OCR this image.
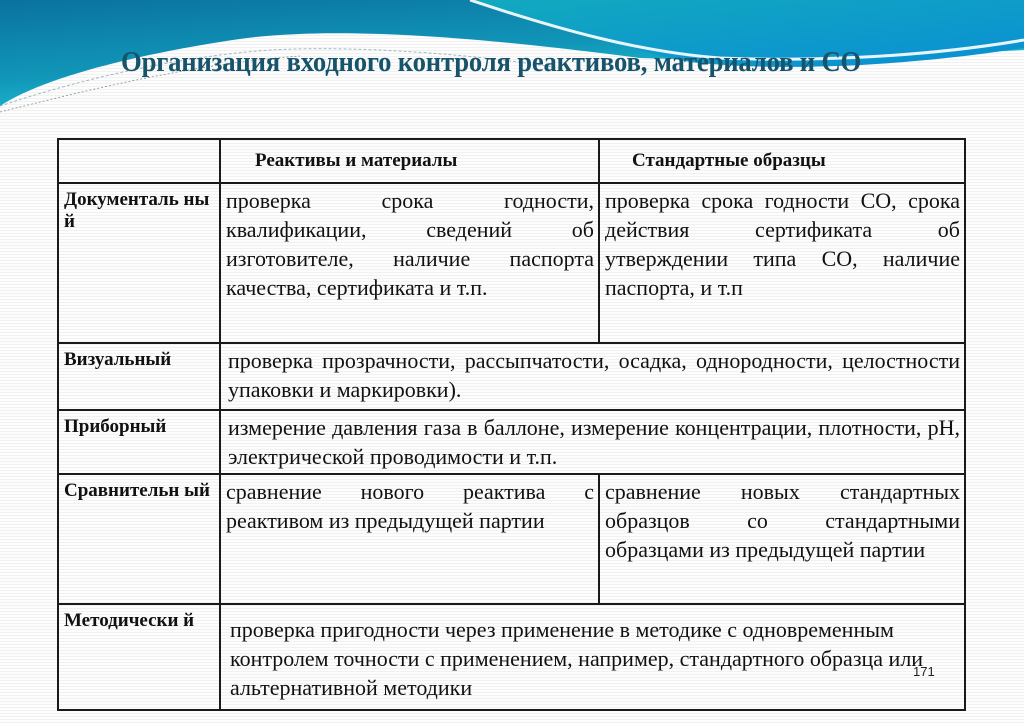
Организация входного контроля реактивов, материалов и СО
	Реактивы и материалы	Стандартные образцы
Документаль ный	проверка срока годности, квалификации, сведений об изготовителе, наличие паспорта качества, сертификата и т.п.	проверка срока годности СО, срока действия сертификата об утверждении типа СО, наличие паспорта, и т.п
Визуальный	проверка прозрачности, рассыпчатости, осадка, однородности, целостности упаковки и маркировки).	
Приборный	измерение давления газа в баллоне, измерение концентрации, плотности, pH, электрической проводимости и т.п.	
Сравнительн ый	сравнение нового реактива с реактивом из предыдущей партии	сравнение новых стандартных образцов со стандартными образцами из предыдущей партии
Методически й	проверка пригодности через применение в методике с одновременным контролем точности с применением, например, стандартного образца или альтернативной методики	
171
